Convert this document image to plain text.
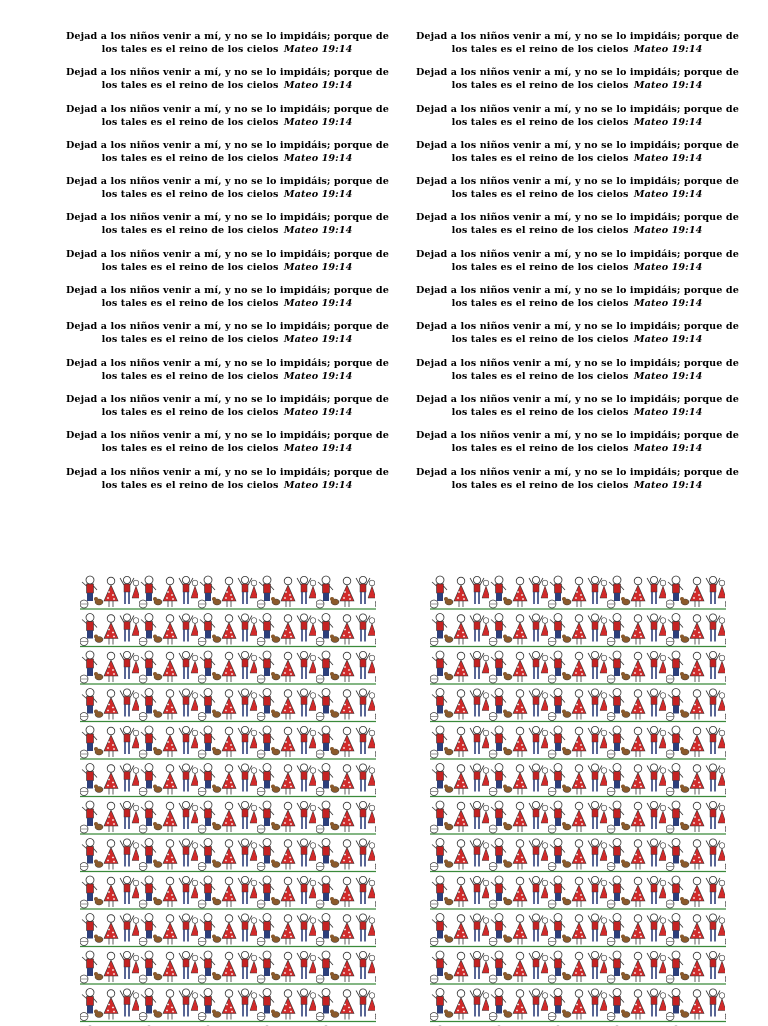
Dejad a los niños venir a mí, y no se lo impidáis; porque de
los tales es el reino de los cielos Mateo 19:14
Dejad a los niños venir a mí, y no se lo impidáis; porque de
los tales es el reino de los cielos Mateo 19:14
Dejad a los niños venir a mí, y no se lo impidáis; porque de
los tales es el reino de los cielos Mateo 19:14
Dejad a los niños venir a mí, y no se lo impidáis; porque de
los tales es el reino de los cielos Mateo 19:14
Dejad a los niños venir a mí, y no se lo impidáis; porque de
los tales es el reino de los cielos Mateo 19:14
Dejad a los niños venir a mí, y no se lo impidáis; porque de
los tales es el reino de los cielos Mateo 19:14
Dejad a los niños venir a mí, y no se lo impidáis; porque de
los tales es el reino de los cielos Mateo 19:14
Dejad a los niños venir a mí, y no se lo impidáis; porque de
los tales es el reino de los cielos Mateo 19:14
Dejad a los niños venir a mí, y no se lo impidáis; porque de
los tales es el reino de los cielos Mateo 19:14
Dejad a los niños venir a mí, y no se lo impidáis; porque de
los tales es el reino de los cielos Mateo 19:14
Dejad a los niños venir a mí, y no se lo impidáis; porque de
los tales es el reino de los cielos Mateo 19:14
Dejad a los niños venir a mí, y no se lo impidáis; porque de
los tales es el reino de los cielos Mateo 19:14
Dejad a los niños venir a mí, y no se lo impidáis; porque de
los tales es el reino de los cielos Mateo 19:14
Dejad a los niños venir a mí, y no se lo impidáis; porque de
los tales es el reino de los cielos Mateo 19:14
Dejad a los niños venir a mí, y no se lo impidáis; porque de
los tales es el reino de los cielos Mateo 19:14
Dejad a los niños venir a mí, y no se lo impidáis; porque de
los tales es el reino de los cielos Mateo 19:14
Dejad a los niños venir a mí, y no se lo impidáis; porque de
los tales es el reino de los cielos Mateo 19:14
Dejad a los niños venir a mí, y no se lo impidáis; porque de
los tales es el reino de los cielos Mateo 19:14
Dejad a los niños venir a mí, y no se lo impidáis; porque de
los tales es el reino de los cielos Mateo 19:14
Dejad a los niños venir a mí, y no se lo impidáis; porque de
los tales es el reino de los cielos Mateo 19:14
Dejad a los niños venir a mí, y no se lo impidáis; porque de
los tales es el reino de los cielos Mateo 19:14
Dejad a los niños venir a mí, y no se lo impidáis; porque de
los tales es el reino de los cielos Mateo 19:14
Dejad a los niños venir a mí, y no se lo impidáis; porque de
los tales es el reino de los cielos Mateo 19:14
Dejad a los niños venir a mí, y no se lo impidáis; porque de
los tales es el reino de los cielos Mateo 19:14
Dejad a los niños venir a mí, y no se lo impidáis; porque de
los tales es el reino de los cielos Mateo 19:14
Dejad a los niños venir a mí, y no se lo impidáis; porque de
los tales es el reino de los cielos Mateo 19:14
